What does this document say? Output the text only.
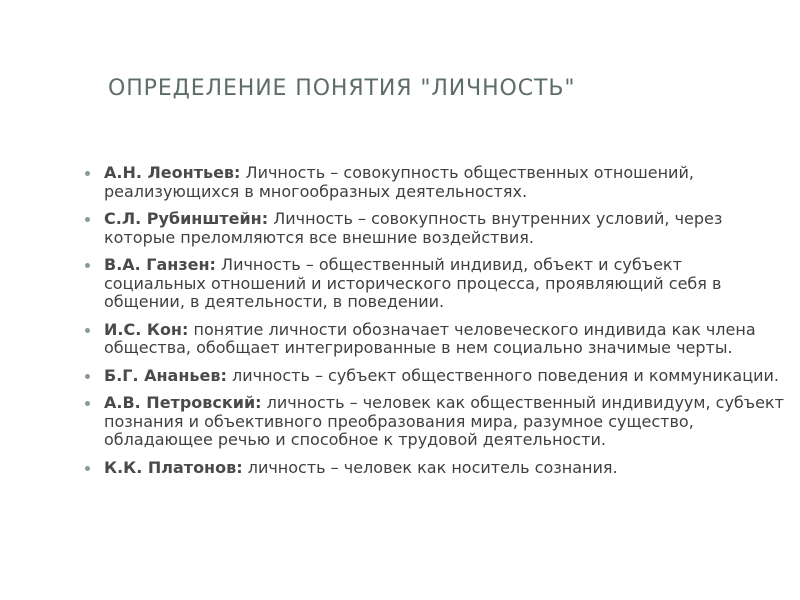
ОПРЕДЕЛЕНИЕ ПОНЯТИЯ "ЛИЧНОСТЬ"
А.Н. Леонтьев: Личность – совокупность общественных отношений, реализующихся в многообразных деятельностях.
С.Л. Рубинштейн: Личность – совокупность внутренних условий, через которые преломляются все внешние воздействия.
В.А. Ганзен: Личность – общественный индивид, объект и субъект социальных отношений и исторического процесса, проявляющий себя в общении, в деятельности, в поведении.
И.С. Кон: понятие личности обозначает человеческого индивида как члена общества, обобщает интегрированные в нем социально значимые черты.
Б.Г. Ананьев: личность – субъект общественного поведения и коммуникации.
А.В. Петровский: личность – человек как общественный индивидуум, субъект познания и объективного преобразования мира, разумное существо, обладающее речью и способное к трудовой деятельности.
К.К. Платонов: личность – человек как носитель сознания.
